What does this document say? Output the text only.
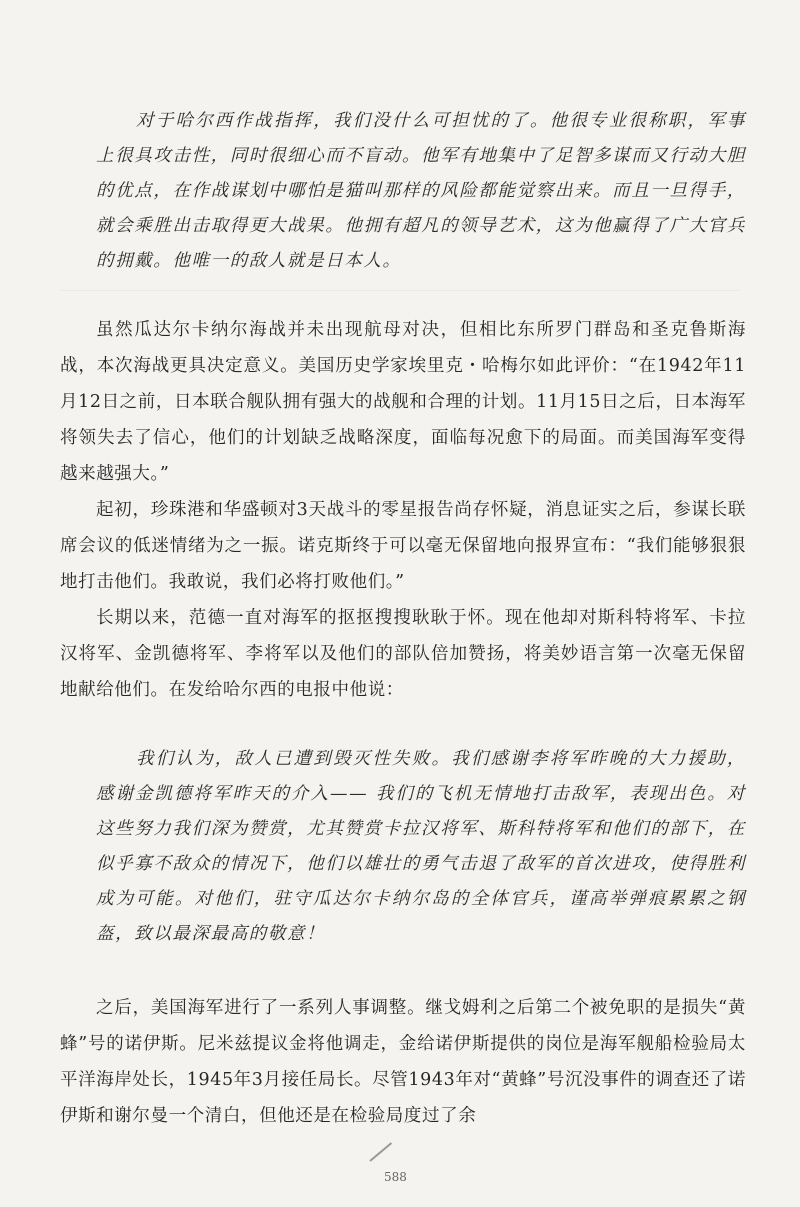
对于哈尔西作战指挥，我们没什么可担忧的了。他很专业很称职，军事上很具攻击性，同时很细心而不盲动。他军有地集中了足智多谋而又行动大胆的优点，在作战谋划中哪怕是猫叫那样的风险都能觉察出来。而且一旦得手，就会乘胜出击取得更大战果。他拥有超凡的领导艺术，这为他赢得了广大官兵的拥戴。他唯一的敌人就是日本人。

虽然瓜达尔卡纳尔海战并未出现航母对决，但相比东所罗门群岛和圣克鲁斯海战，本次海战更具决定意义。美国历史学家埃里克・哈梅尔如此评价：“在1942年11月12日之前，日本联合舰队拥有强大的战舰和合理的计划。11月15日之后，日本海军将领失去了信心，他们的计划缺乏战略深度，面临每况愈下的局面。而美国海军变得越来越强大。”

起初，珍珠港和华盛顿对3天战斗的零星报告尚存怀疑，消息证实之后，参谋长联席会议的低迷情绪为之一振。诺克斯终于可以毫无保留地向报界宣布：“我们能够狠狠地打击他们。我敢说，我们必将打败他们。”

长期以来，范德一直对海军的抠抠搜搜耿耿于怀。现在他却对斯科特将军、卡拉汉将军、金凯德将军、李将军以及他们的部队倍加赞扬，将美妙语言第一次毫无保留地献给他们。在发给哈尔西的电报中他说：

我们认为，敌人已遭到毁灭性失败。我们感谢李将军昨晚的大力援助，感谢金凯德将军昨天的介入—— 我们的飞机无情地打击敌军，表现出色。对这些努力我们深为赞赏，尤其赞赏卡拉汉将军、斯科特将军和他们的部下，在似乎寡不敌众的情况下，他们以雄壮的勇气击退了敌军的首次进攻，使得胜利成为可能。对他们，驻守瓜达尔卡纳尔岛的全体官兵，谨高举弹痕累累之钢盔，致以最深最高的敬意！

之后，美国海军进行了一系列人事调整。继戈姆利之后第二个被免职的是损失“黄蜂”号的诺伊斯。尼米兹提议金将他调走，金给诺伊斯提供的岗位是海军舰船检验局太平洋海岸处长，1945年3月接任局长。尽管1943年对“黄蜂”号沉没事件的调查还了诺伊斯和谢尔曼一个清白，但他还是在检验局度过了余

588
